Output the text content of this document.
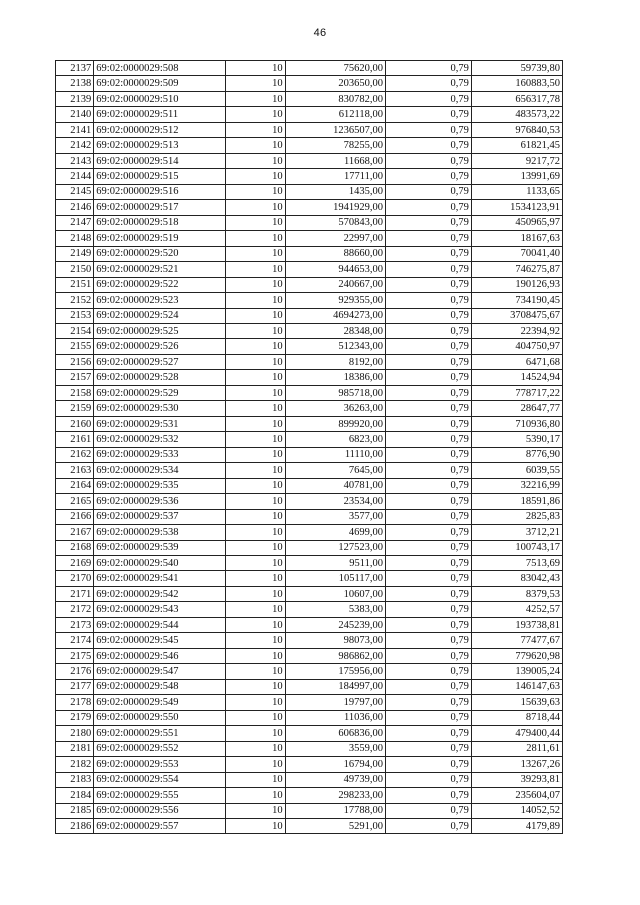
46
2137	69:02:0000029:508	10	75620,00	0,79	59739,80
2138	69:02:0000029:509	10	203650,00	0,79	160883,50
2139	69:02:0000029:510	10	830782,00	0,79	656317,78
2140	69:02:0000029:511	10	612118,00	0,79	483573,22
2141	69:02:0000029:512	10	1236507,00	0,79	976840,53
2142	69:02:0000029:513	10	78255,00	0,79	61821,45
2143	69:02:0000029:514	10	11668,00	0,79	9217,72
2144	69:02:0000029:515	10	17711,00	0,79	13991,69
2145	69:02:0000029:516	10	1435,00	0,79	1133,65
2146	69:02:0000029:517	10	1941929,00	0,79	1534123,91
2147	69:02:0000029:518	10	570843,00	0,79	450965,97
2148	69:02:0000029:519	10	22997,00	0,79	18167,63
2149	69:02:0000029:520	10	88660,00	0,79	70041,40
2150	69:02:0000029:521	10	944653,00	0,79	746275,87
2151	69:02:0000029:522	10	240667,00	0,79	190126,93
2152	69:02:0000029:523	10	929355,00	0,79	734190,45
2153	69:02:0000029:524	10	4694273,00	0,79	3708475,67
2154	69:02:0000029:525	10	28348,00	0,79	22394,92
2155	69:02:0000029:526	10	512343,00	0,79	404750,97
2156	69:02:0000029:527	10	8192,00	0,79	6471,68
2157	69:02:0000029:528	10	18386,00	0,79	14524,94
2158	69:02:0000029:529	10	985718,00	0,79	778717,22
2159	69:02:0000029:530	10	36263,00	0,79	28647,77
2160	69:02:0000029:531	10	899920,00	0,79	710936,80
2161	69:02:0000029:532	10	6823,00	0,79	5390,17
2162	69:02:0000029:533	10	11110,00	0,79	8776,90
2163	69:02:0000029:534	10	7645,00	0,79	6039,55
2164	69:02:0000029:535	10	40781,00	0,79	32216,99
2165	69:02:0000029:536	10	23534,00	0,79	18591,86
2166	69:02:0000029:537	10	3577,00	0,79	2825,83
2167	69:02:0000029:538	10	4699,00	0,79	3712,21
2168	69:02:0000029:539	10	127523,00	0,79	100743,17
2169	69:02:0000029:540	10	9511,00	0,79	7513,69
2170	69:02:0000029:541	10	105117,00	0,79	83042,43
2171	69:02:0000029:542	10	10607,00	0,79	8379,53
2172	69:02:0000029:543	10	5383,00	0,79	4252,57
2173	69:02:0000029:544	10	245239,00	0,79	193738,81
2174	69:02:0000029:545	10	98073,00	0,79	77477,67
2175	69:02:0000029:546	10	986862,00	0,79	779620,98
2176	69:02:0000029:547	10	175956,00	0,79	139005,24
2177	69:02:0000029:548	10	184997,00	0,79	146147,63
2178	69:02:0000029:549	10	19797,00	0,79	15639,63
2179	69:02:0000029:550	10	11036,00	0,79	8718,44
2180	69:02:0000029:551	10	606836,00	0,79	479400,44
2181	69:02:0000029:552	10	3559,00	0,79	2811,61
2182	69:02:0000029:553	10	16794,00	0,79	13267,26
2183	69:02:0000029:554	10	49739,00	0,79	39293,81
2184	69:02:0000029:555	10	298233,00	0,79	235604,07
2185	69:02:0000029:556	10	17788,00	0,79	14052,52
2186	69:02:0000029:557	10	5291,00	0,79	4179,89
